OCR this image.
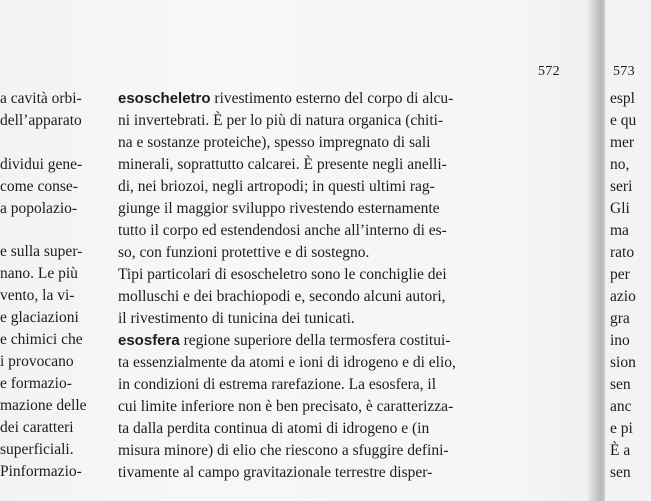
572	573
a cavità orbi-
dell’apparato
dividui gene-
come conse-
a popolazio-
e sulla super-
nano. Le più
vento, la vi-
e glaciazioni
e chimici che
i provocano
e formazio-
mazione delle
dei caratteri
superficiali.
Pinformazio-
esoscheletro rivestimento esterno del corpo di alcu-
ni invertebrati. È per lo più di natura organica (chiti-
na e sostanze proteiche), spesso impregnato di sali
minerali, soprattutto calcarei. È presente negli anelli-
di, nei briozoi, negli artropodi; in questi ultimi rag-
giunge il maggior sviluppo rivestendo esternamente
tutto il corpo ed estendendosi anche all’interno di es-
so, con funzioni protettive e di sostegno.
Tipi particolari di esoscheletro sono le conchiglie dei
molluschi e dei brachiopodi e, secondo alcuni autori,
il rivestimento di tunicina dei tunicati.
esosfera regione superiore della termosfera costitui-
ta essenzialmente da atomi e ioni di idrogeno e di elio,
in condizioni di estrema rarefazione. La esosfera, il
cui limite inferiore non è ben precisato, è caratterizza-
ta dalla perdita continua di atomi di idrogeno e (in
misura minore) di elio che riescono a sfuggire defini-
tivamente al campo gravitazionale terrestre disper-
espl
e qu
mer
no,
seri
Gli
ma
rato
per
azio
gra
ino
sion
sen
anc
e pi
È a
sen
